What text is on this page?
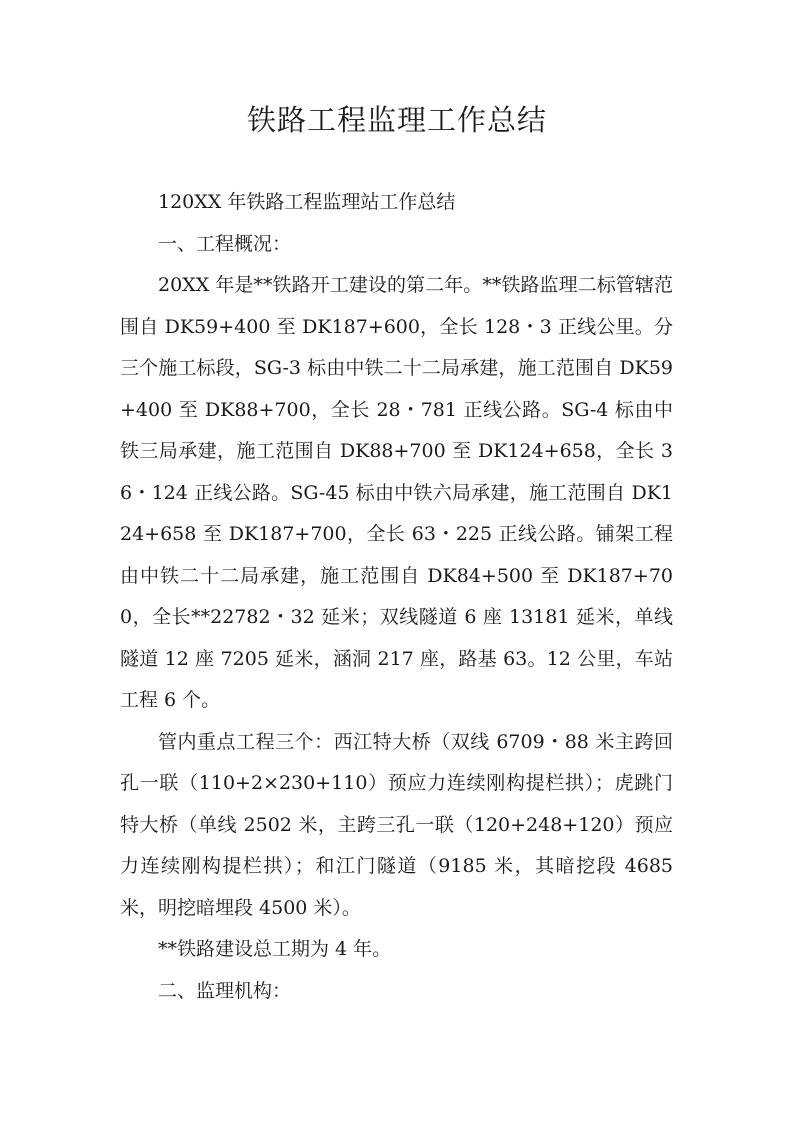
铁路工程监理工作总结

120XX 年铁路工程监理站工作总结

一、工程概况：

20XX 年是**铁路开工建设的第二年。**铁路监理二标管辖范围自 DK59+400 至 DK187+600，全长 128・3 正线公里。分三个施工标段，SG-3 标由中铁二十二局承建，施工范围自 DK59+400 至 DK88+700，全长 28・781 正线公路。SG-4 标由中铁三局承建，施工范围自 DK88+700 至 DK124+658，全长 36・124 正线公路。SG-45 标由中铁六局承建，施工范围自 DK124+658 至 DK187+700，全长 63・225 正线公路。铺架工程由中铁二十二局承建，施工范围自 DK84+500 至 DK187+700，全长**22782・32 延米；双线隧道 6 座 13181 延米，单线隧道 12 座 7205 延米，涵洞 217 座，路基 63。12 公里，车站工程 6 个。

管内重点工程三个：西江特大桥（双线 6709・88 米主跨回孔一联（110+2×230+110）预应力连续刚构提栏拱）；虎跳门特大桥（单线 2502 米，主跨三孔一联（120+248+120）预应力连续刚构提栏拱）；和江门隧道（9185 米，其暗挖段 4685 米，明挖暗埋段 4500 米）。

**铁路建设总工期为 4 年。

二、监理机构：
